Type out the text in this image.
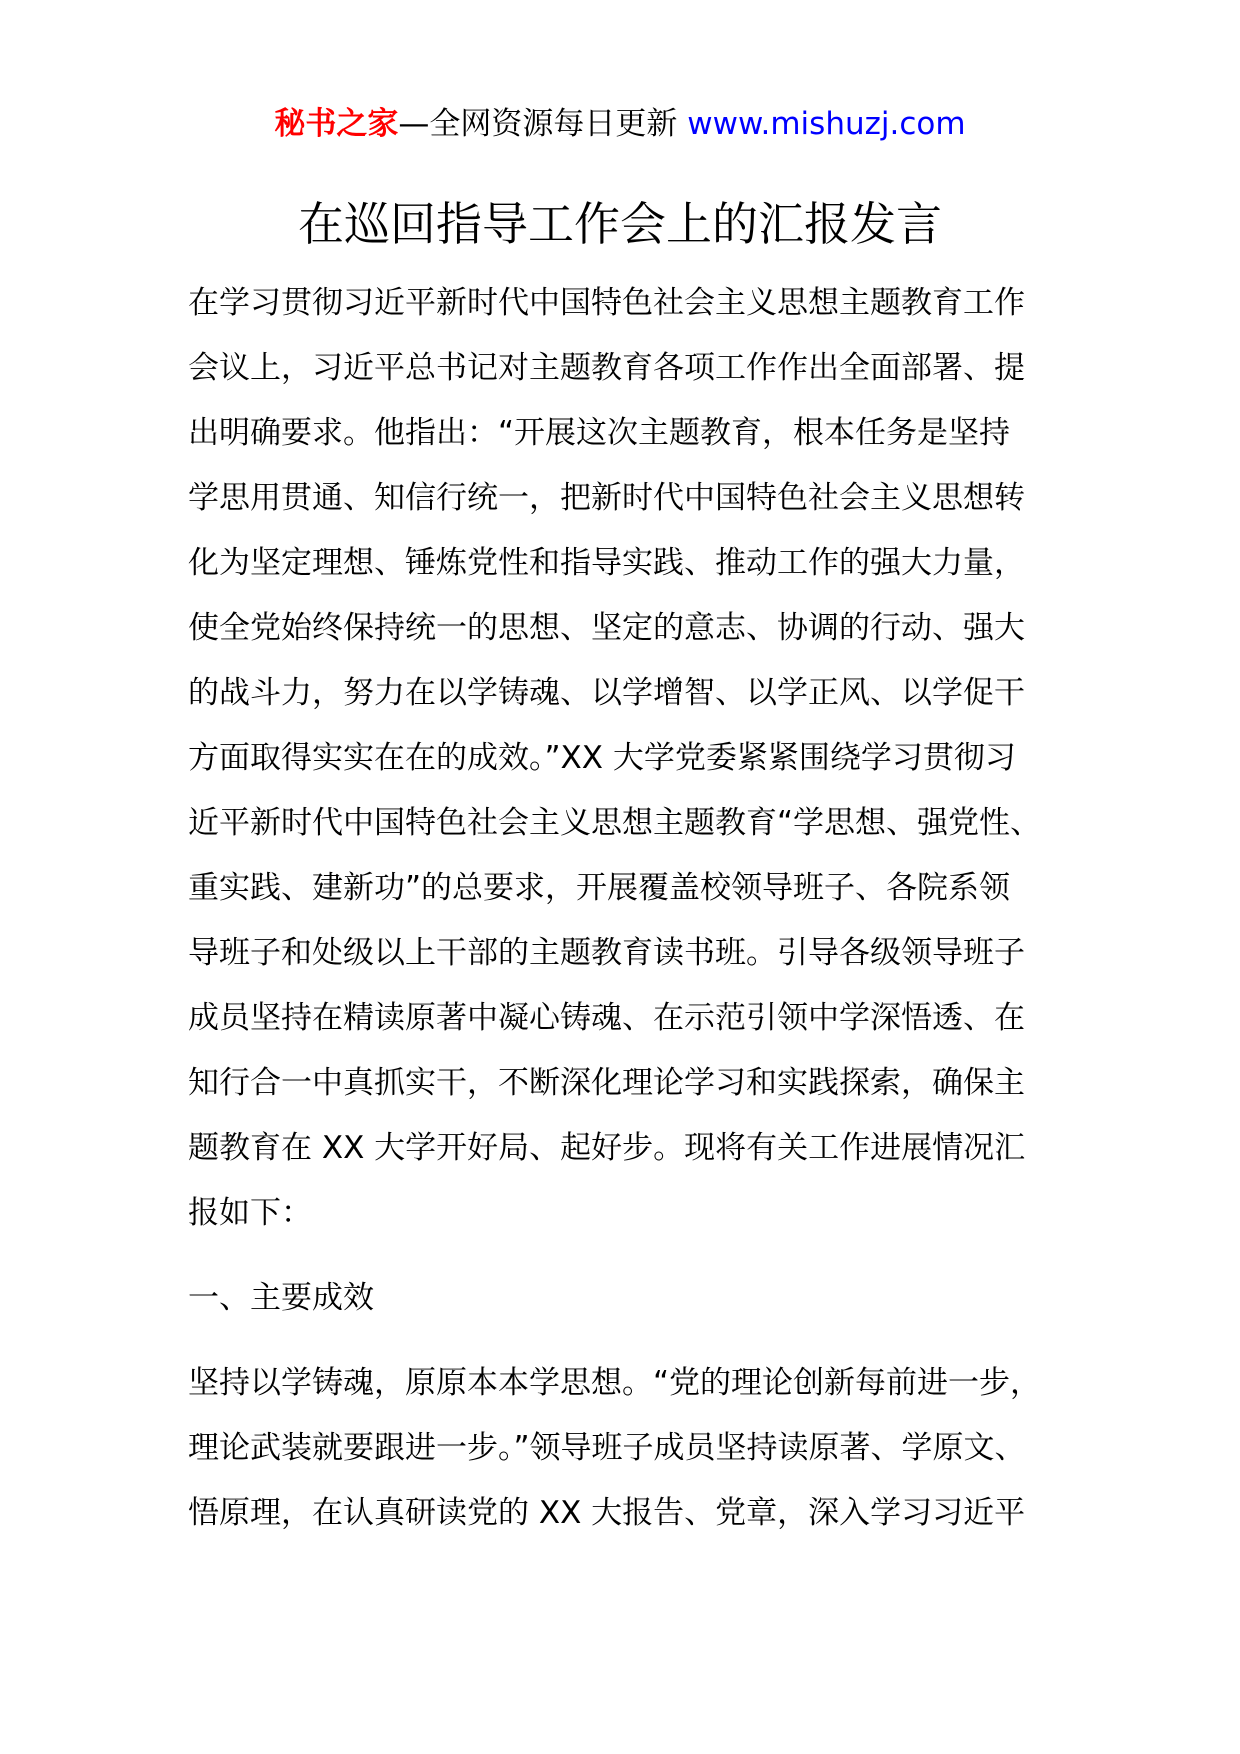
秘书之家—全网资源每日更新 www.mishuzj.com
在巡回指导工作会上的汇报发言
在学习贯彻习近平新时代中国特色社会主义思想主题教育工作
会议上，习近平总书记对主题教育各项工作作出全面部署、提
出明确要求。他指出：“开展这次主题教育，根本任务是坚持
学思用贯通、知信行统一，把新时代中国特色社会主义思想转
化为坚定理想、锤炼党性和指导实践、推动工作的强大力量，
使全党始终保持统一的思想、坚定的意志、协调的行动、强大
的战斗力，努力在以学铸魂、以学增智、以学正风、以学促干
方面取得实实在在的成效。”XX 大学党委紧紧围绕学习贯彻习
近平新时代中国特色社会主义思想主题教育“学思想、强党性、
重实践、建新功”的总要求，开展覆盖校领导班子、各院系领
导班子和处级以上干部的主题教育读书班。引导各级领导班子
成员坚持在精读原著中凝心铸魂、在示范引领中学深悟透、在
知行合一中真抓实干，不断深化理论学习和实践探索，确保主
题教育在 XX 大学开好局、起好步。现将有关工作进展情况汇
报如下：
一、主要成效
坚持以学铸魂，原原本本学思想。“党的理论创新每前进一步，
理论武装就要跟进一步。”领导班子成员坚持读原著、学原文、
悟原理，在认真研读党的 XX 大报告、党章，深入学习习近平
